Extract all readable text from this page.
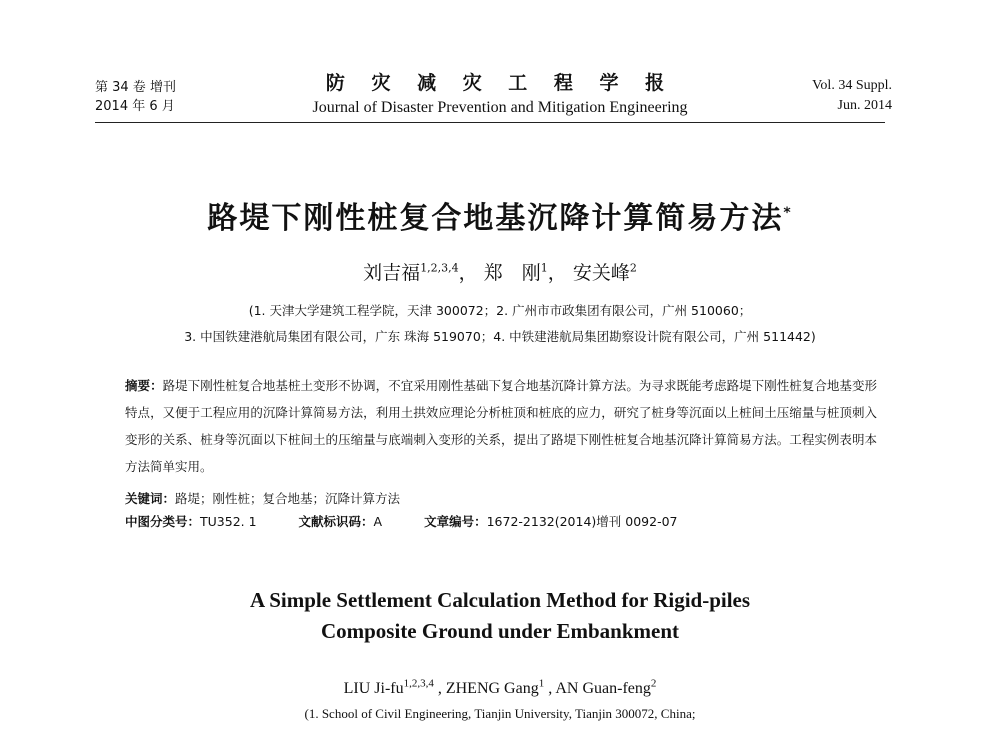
第 34 卷 增刊
2014 年 6 月
防 灾 减 灾 工 程 学 报
Journal of Disaster Prevention and Mitigation Engineering
Vol. 34 Suppl.
Jun. 2014
路堤下刚性桩复合地基沉降计算简易方法*
刘吉福$^{1,2,3,4}$， 郑　刚$^1$， 安关峰$^2$
(1. 天津大学建筑工程学院，天津 300072；2. 广州市市政集团有限公司，广州 510060；
3. 中国铁建港航局集团有限公司，广东 珠海 519070；4. 中铁建港航局集团勘察设计院有限公司，广州 511442)
摘要：路堤下刚性桩复合地基桩土变形不协调，不宜采用刚性基础下复合地基沉降计算方法。为寻求既能考虑路堤下刚性桩复合地基变形特点，又便于工程应用的沉降计算简易方法，利用土拱效应理论分析桩顶和桩底的应力，研究了桩身等沉面以上桩间土压缩量与桩顶刺入变形的关系、桩身等沉面以下桩间土的压缩量与底端刺入变形的关系，提出了路堤下刚性桩复合地基沉降计算简易方法。工程实例表明本方法简单实用。
关键词：路堤；刚性桩；复合地基；沉降计算方法
中图分类号：TU352. 1	文献标识码：A	文章编号：1672-2132(2014)增刊 0092-07
A Simple Settlement Calculation Method for Rigid-piles
Composite Ground under Embankment
LIU Ji-fu$^{1,2,3,4}$ , ZHENG Gang$^1$ , AN Guan-feng$^2$
(1. School of Civil Engineering, Tianjin University, Tianjin 300072, China;
